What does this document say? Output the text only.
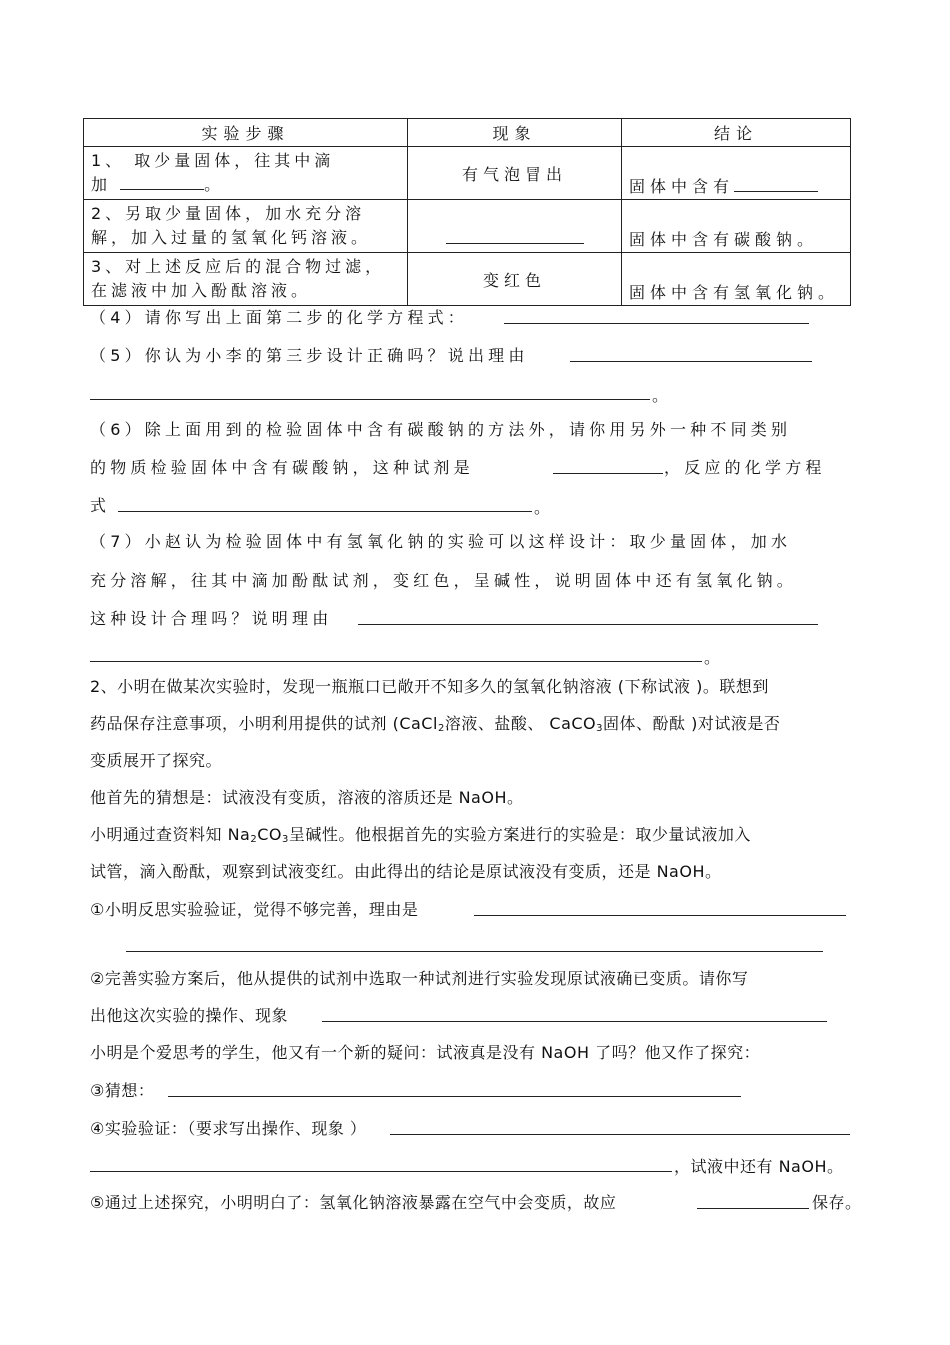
实验步骤	现象	结论
1、 取少量固体，往其中滴
加 。	有气泡冒出	固体中含有
2、另取少量固体，加水充分溶
解，加入过量的氢氧化钙溶液。		固体中含有碳酸钠。
3、对上述反应后的混合物过滤，
在滤液中加入酚酞溶液。	变红色	固体中含有氢氧化钠。
（4）请你写出上面第二步的化学方程式：
（5）你认为小李的第三步设计正确吗？说出理由
。
（6）除上面用到的检验固体中含有碳酸钠的方法外，请你用另外一种不同类别
的物质检验固体中含有碳酸钠，这种试剂是	，反应的化学方程
式	。
（7）小赵认为检验固体中有氢氧化钠的实验可以这样设计：取少量固体，加水
充分溶解，往其中滴加酚酞试剂，变红色，呈碱性，说明固体中还有氢氧化钠。
这种设计合理吗？说明理由
。
2、小明在做某次实验时，发现一瓶瓶口已敞开不知多久的氢氧化钠溶液 (下称试液 )。联想到
药品保存注意事项，小明利用提供的试剂 (CaCl$_2$溶液、盐酸、 CaCO$_3$固体、酚酞 )对试液是否
变质展开了探究。
他首先的猜想是：试液没有变质，溶液的溶质还是 NaOH。
小明通过查资料知 $Na_2CO_3$呈碱性。他根据首先的实验方案进行的实验是：取少量试液加入
试管，滴入酚酞，观察到试液变红。由此得出的结论是原试液没有变质，还是 NaOH。
①小明反思实验验证，觉得不够完善，理由是
②完善实验方案后，他从提供的试剂中选取一种试剂进行实验发现原试液确已变质。请你写
出他这次实验的操作、现象
小明是个爱思考的学生，他又有一个新的疑问：试液真是没有 NaOH 了吗？他又作了探究：
③猜想：
④实验验证：（要求写出操作、现象 ）
，试液中还有 NaOH。
⑤通过上述探究，小明明白了：氢氧化钠溶液暴露在空气中会变质，故应	保存。
